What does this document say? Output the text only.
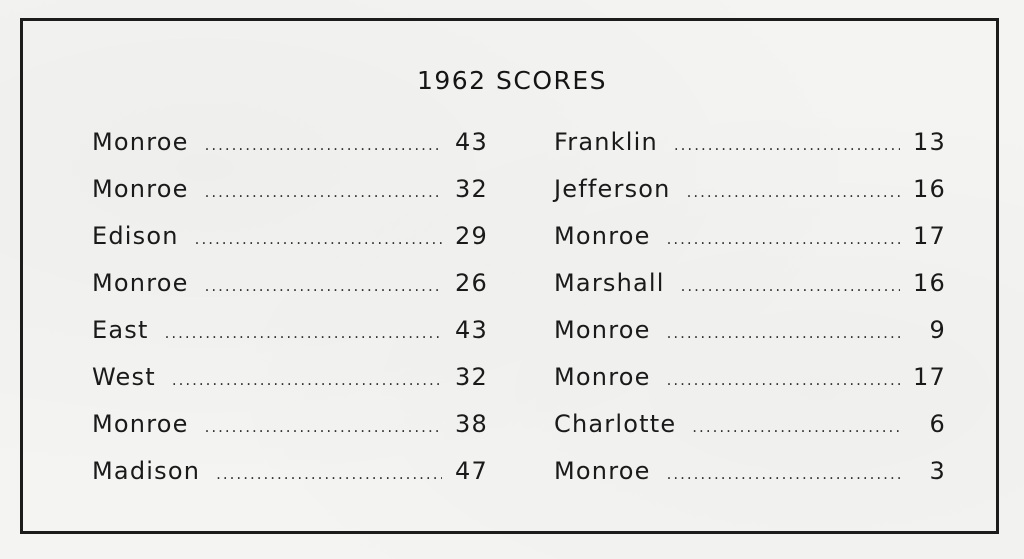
1962 SCORES
Monroe .....	43
Monroe .....	32
Edison .....	29
Monroe .....	26
East .....	43
West .....	32
Monroe .....	38
Madison .....	47
Franklin .....	13
Jefferson .....	16
Monroe .....	17
Marshall .....	16
Monroe .....	9
Monroe .....	17
Charlotte .....	6
Monroe .....	3
